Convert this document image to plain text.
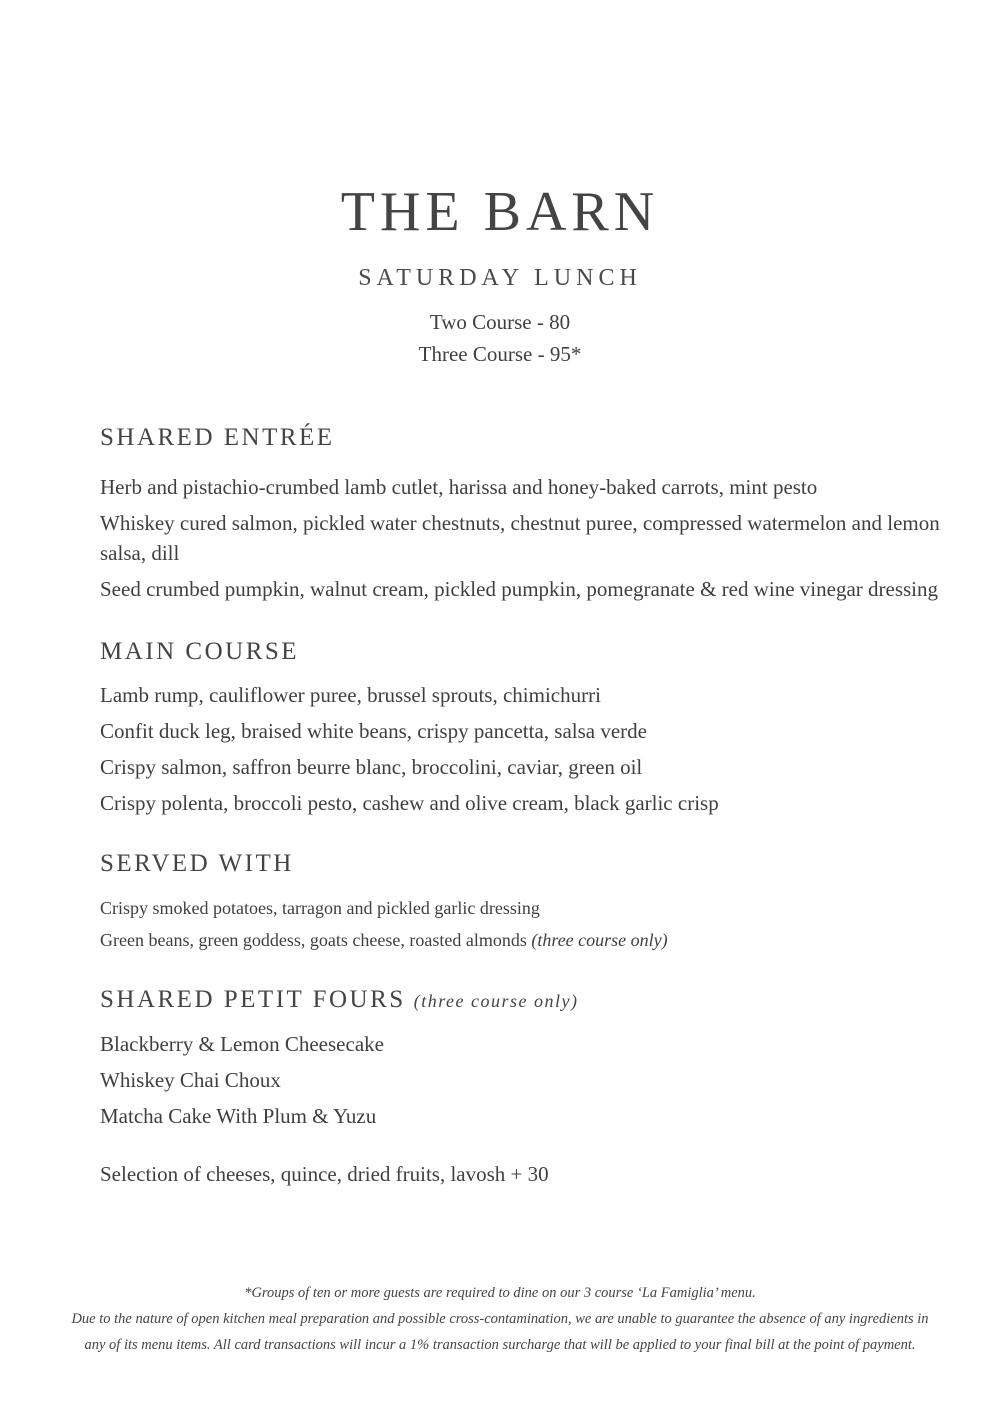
THE BARN
SATURDAY LUNCH
Two Course - 80
Three Course - 95*
SHARED ENTRÉE

Herb and pistachio-crumbed lamb cutlet, harissa and honey-baked carrots, mint pesto

Whiskey cured salmon, pickled water chestnuts, chestnut puree, compressed watermelon and lemon salsa, dill

Seed crumbed pumpkin, walnut cream, pickled pumpkin, pomegranate & red wine vinegar dressing

MAIN COURSE

Lamb rump, cauliflower puree, brussel sprouts, chimichurri

Confit duck leg, braised white beans, crispy pancetta, salsa verde

Crispy salmon, saffron beurre blanc, broccolini, caviar, green oil

Crispy polenta, broccoli pesto, cashew and olive cream, black garlic crisp

SERVED WITH

Crispy smoked potatoes, tarragon and pickled garlic dressing

Green beans, green goddess, goats cheese, roasted almonds (three course only)

SHARED PETIT FOURS (three course only)

Blackberry & Lemon Cheesecake

Whiskey Chai Choux

Matcha Cake With Plum & Yuzu

Selection of cheeses, quince, dried fruits, lavosh + 30

*Groups of ten or more guests are required to dine on our 3 course ‘La Famiglia’ menu.

Due to the nature of open kitchen meal preparation and possible cross-contamination, we are unable to guarantee the absence of any ingredients in any of its menu items. All card transactions will incur a 1% transaction surcharge that will be applied to your final bill at the point of payment.
